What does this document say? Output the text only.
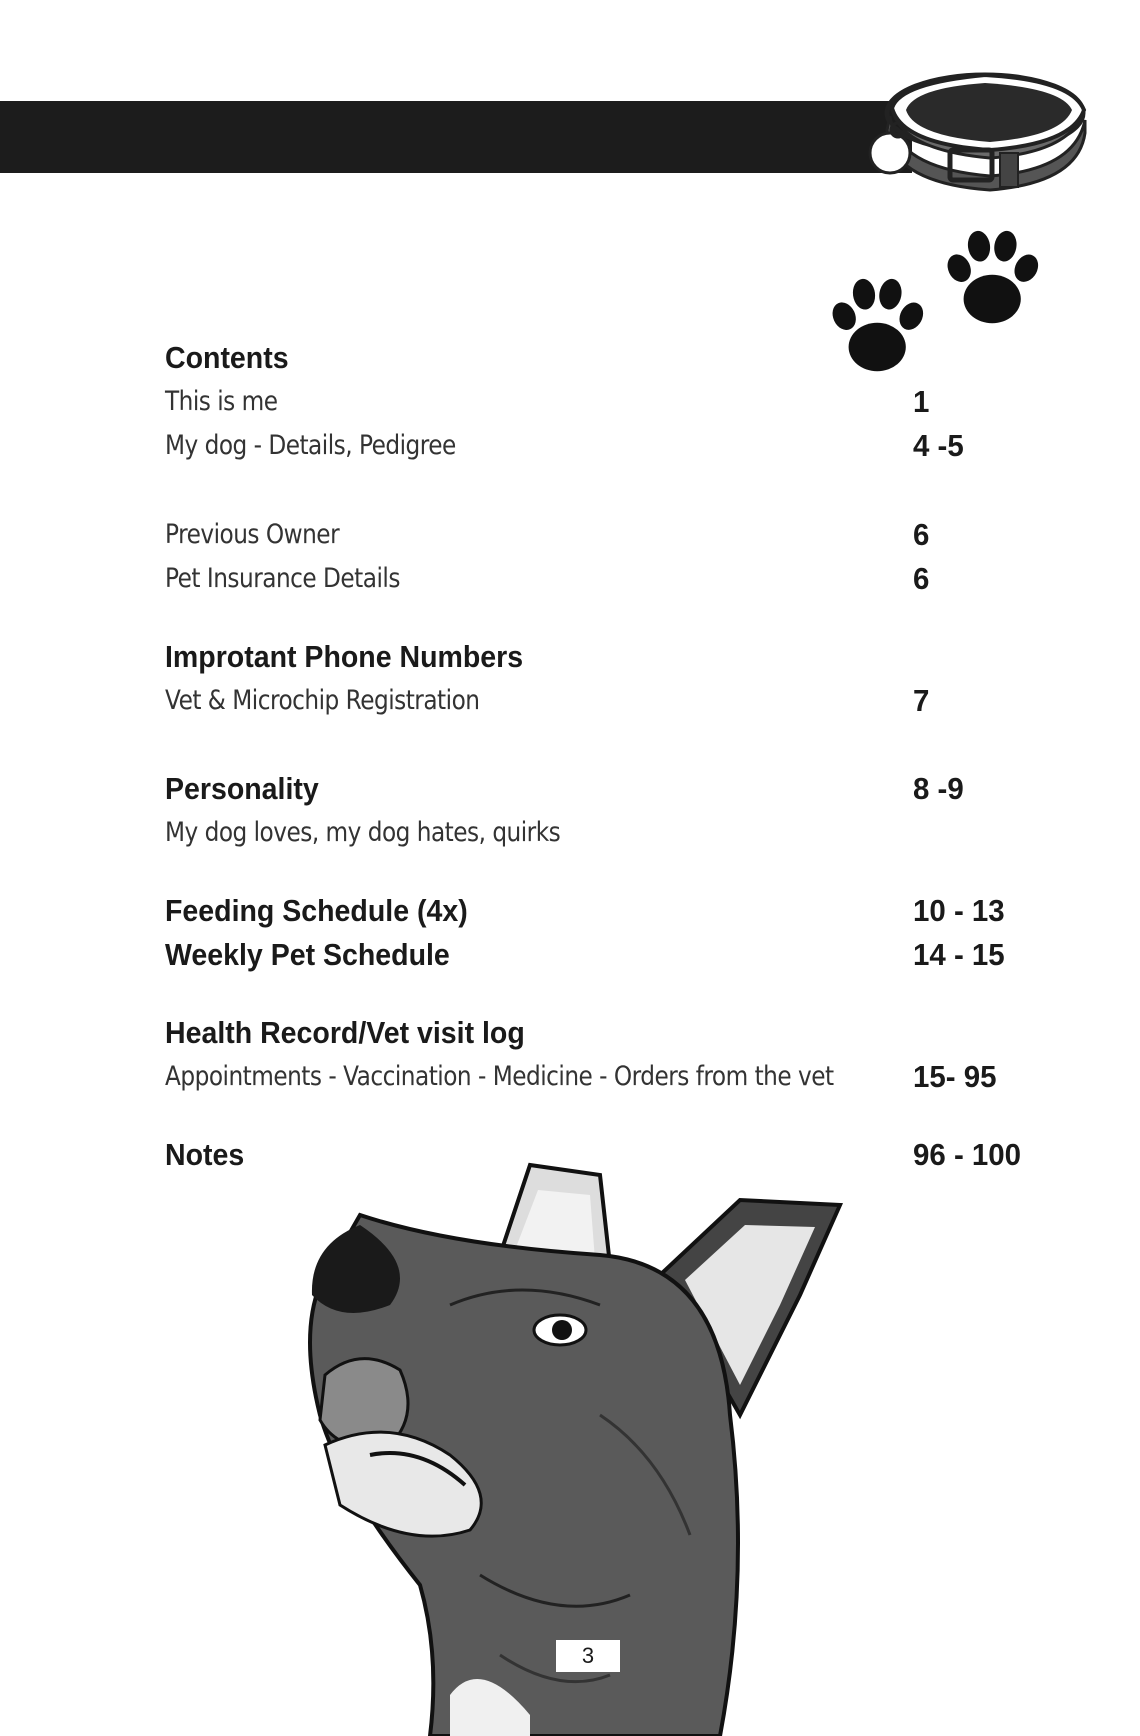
Contents
This is me	1
My dog - Details, Pedigree	4 -5
Previous Owner	6
Pet Insurance Details	6
Improtant Phone Numbers
Vet & Microchip Registration	7
Personality	8 -9
My dog loves, my dog hates, quirks
Feeding Schedule (4x)	10 - 13
Weekly Pet Schedule	14 - 15
Health Record/Vet visit log
Appointments - Vaccination - Medicine - Orders from the vet	15- 95
Notes	96 - 100
3
